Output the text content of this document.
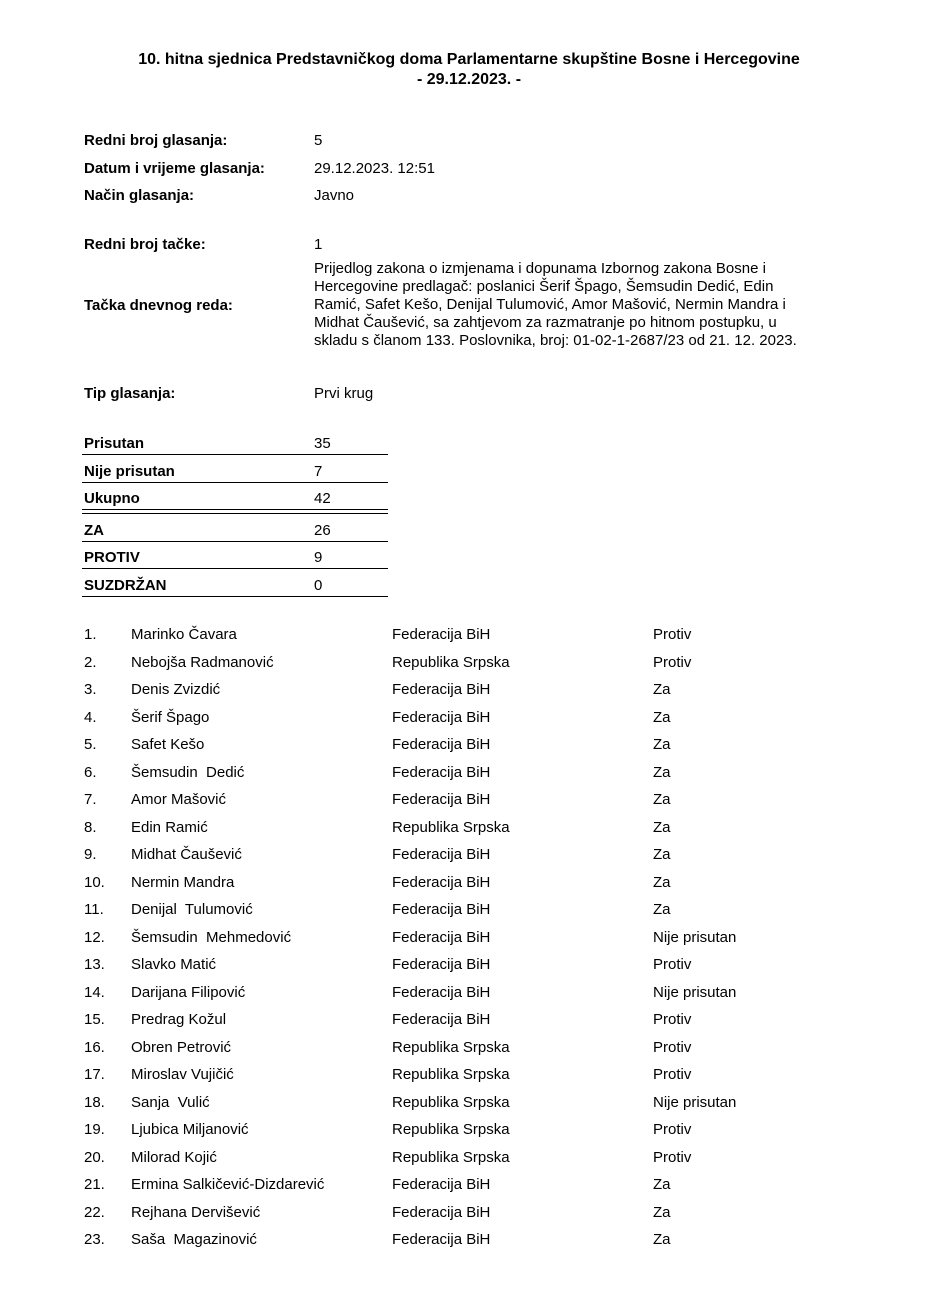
10. hitna sjednica Predstavničkog doma Parlamentarne skupštine Bosne i Hercegovine
- 29.12.2023. -
Redni broj glasanja:	5
Datum i vrijeme glasanja:	29.12.2023. 12:51
Način glasanja:	Javno
Redni broj tačke:	1
Tačka dnevnog reda:
Prijedlog zakona o izmjenama i dopunama Izbornog zakona Bosne i
Hercegovine predlagač: poslanici Šerif Špago, Šemsudin Dedić, Edin
Ramić, Safet Kešo, Denijal Tulumović, Amor Mašović, Nermin Mandra i
Midhat Čaušević, sa zahtjevom za razmatranje po hitnom postupku, u
skladu s članom 133. Poslovnika, broj: 01-02-1-2687/23 od 21. 12. 2023.
Tip glasanja:	Prvi krug
Prisutan	35
Nije prisutan	7
Ukupno	42
ZA	26
PROTIV	9
SUZDRŽAN	0
1. Marinko Čavara	Federacija BiH	Protiv
2. Nebojša Radmanović	Republika Srpska	Protiv
3. Denis Zvizdić	Federacija BiH	Za
4. Šerif Špago	Federacija BiH	Za
5. Safet Kešo	Federacija BiH	Za
6. Šemsudin  Dedić	Federacija BiH	Za
7. Amor Mašović	Federacija BiH	Za
8. Edin Ramić	Republika Srpska	Za
9. Midhat Čaušević	Federacija BiH	Za
10. Nermin Mandra	Federacija BiH	Za
11. Denijal  Tulumović	Federacija BiH	Za
12. Šemsudin  Mehmedović	Federacija BiH	Nije prisutan
13. Slavko Matić	Federacija BiH	Protiv
14. Darijana Filipović	Federacija BiH	Nije prisutan
15. Predrag Kožul	Federacija BiH	Protiv
16. Obren Petrović	Republika Srpska	Protiv
17. Miroslav Vujičić	Republika Srpska	Protiv
18. Sanja  Vulić	Republika Srpska	Nije prisutan
19. Ljubica Miljanović	Republika Srpska	Protiv
20. Milorad Kojić	Republika Srpska	Protiv
21. Ermina Salkičević-Dizdarević	Federacija BiH	Za
22. Rejhana Dervišević	Federacija BiH	Za
23. Saša  Magazinović	Federacija BiH	Za
